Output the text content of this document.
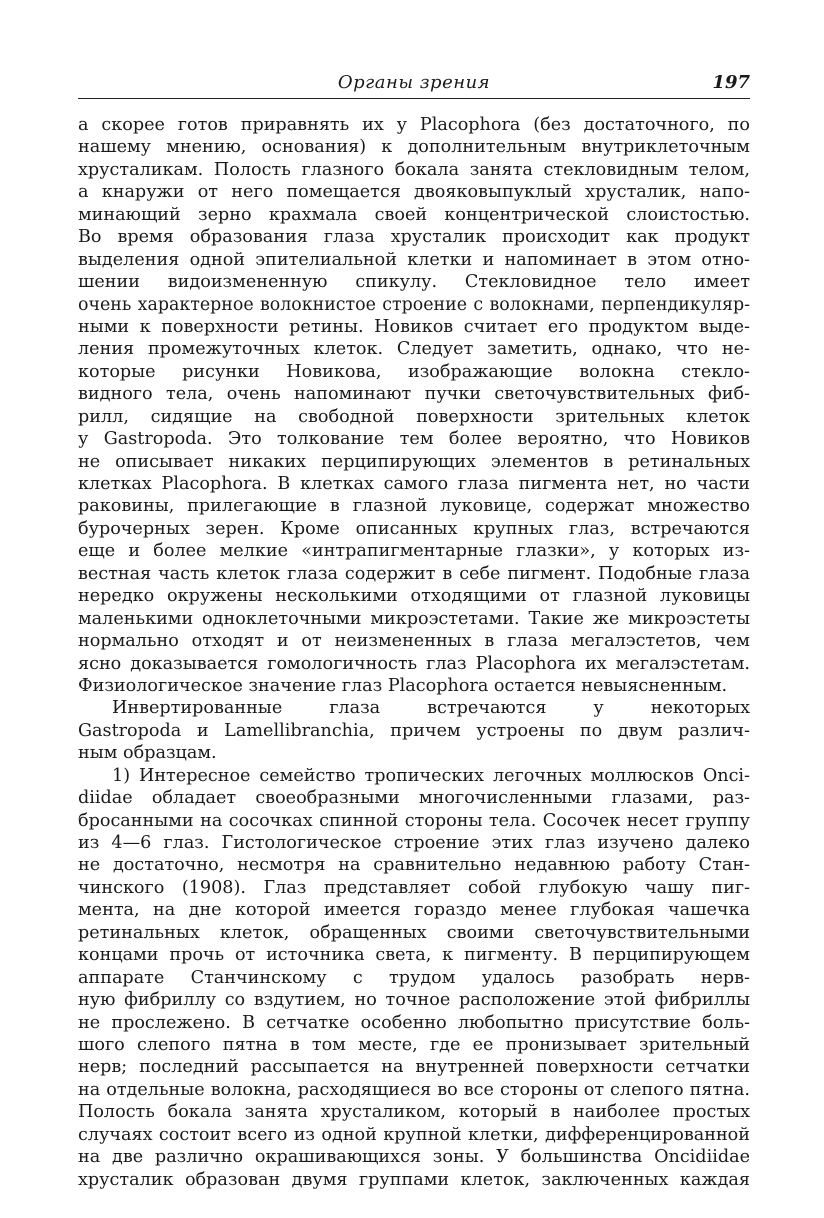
Органы зрения	197
а скорее готов приравнять их у Placophora (без достаточного, по
нашему мнению, основания) к дополнительным внутриклеточным
хрусталикам. Полость глазного бокала занята стекловидным телом,
а кнаружи от него помещается двояковыпуклый хрусталик, напо-
минающий зерно крахмала своей концентрической слоистостью.
Во время образования глаза хрусталик происходит как продукт
выделения одной эпителиальной клетки и напоминает в этом отно-
шении видоизмененную спикулу. Стекловидное тело имеет
очень характерное волокнистое строение с волокнами, перпендикуляр-
ными к поверхности ретины. Новиков считает его продуктом выде-
ления промежуточных клеток. Следует заметить, однако, что не-
которые рисунки Новикова, изображающие волокна стекло-
видного тела, очень напоминают пучки светочувствительных фиб-
рилл, сидящие на свободной поверхности зрительных клеток
у Gastropoda. Это толкование тем более вероятно, что Новиков
не описывает никаких перципирующих элементов в ретинальных
клетках Placophora. В клетках самого глаза пигмента нет, но части
раковины, прилегающие в глазной луковице, содержат множество
бурочерных зерен. Кроме описанных крупных глаз, встречаются
еще и более мелкие «интрапигментарные глазки», у которых из-
вестная часть клеток глаза содержит в себе пигмент. Подобные глаза
нередко окружены несколькими отходящими от глазной луковицы
маленькими одноклеточными микроэстетами. Такие же микроэстеты
нормально отходят и от неизмененных в глаза мегалэстетов, чем
ясно доказывается гомологичность глаз Placophora их мегалэстетам.
Физиологическое значение глаз Placophora остается невыясненным.
Инвертированные глаза встречаются у некоторых
Gastropoda и Lamellibranchia, причем устроены по двум различ-
ным образцам.
1) Интересное семейство тропических легочных моллюсков Onci-
diidae обладает своеобразными многочисленными глазами, раз-
бросанными на сосочках спинной стороны тела. Сосочек несет группу
из 4—6 глаз. Гистологическое строение этих глаз изучено далеко
не достаточно, несмотря на сравнительно недавнюю работу Стан-
чинского (1908). Глаз представляет собой глубокую чашу пиг-
мента, на дне которой имеется гораздо менее глубокая чашечка
ретинальных клеток, обращенных своими светочувствительными
концами прочь от источника света, к пигменту. В перципирующем
аппарате Станчинскому с трудом удалось разобрать нерв-
ную фибриллу со вздутием, но точное расположение этой фибриллы
не прослежено. В сетчатке особенно любопытно присутствие боль-
шого слепого пятна в том месте, где ее пронизывает зрительный
нерв; последний рассыпается на внутренней поверхности сетчатки
на отдельные волокна, расходящиеся во все стороны от слепого пятна.
Полость бокала занята хрусталиком, который в наиболее простых
случаях состоит всего из одной крупной клетки, дифференцированной
на две различно окрашивающихся зоны. У большинства Oncidiidae
хрусталик образован двумя группами клеток, заключенных каждая
